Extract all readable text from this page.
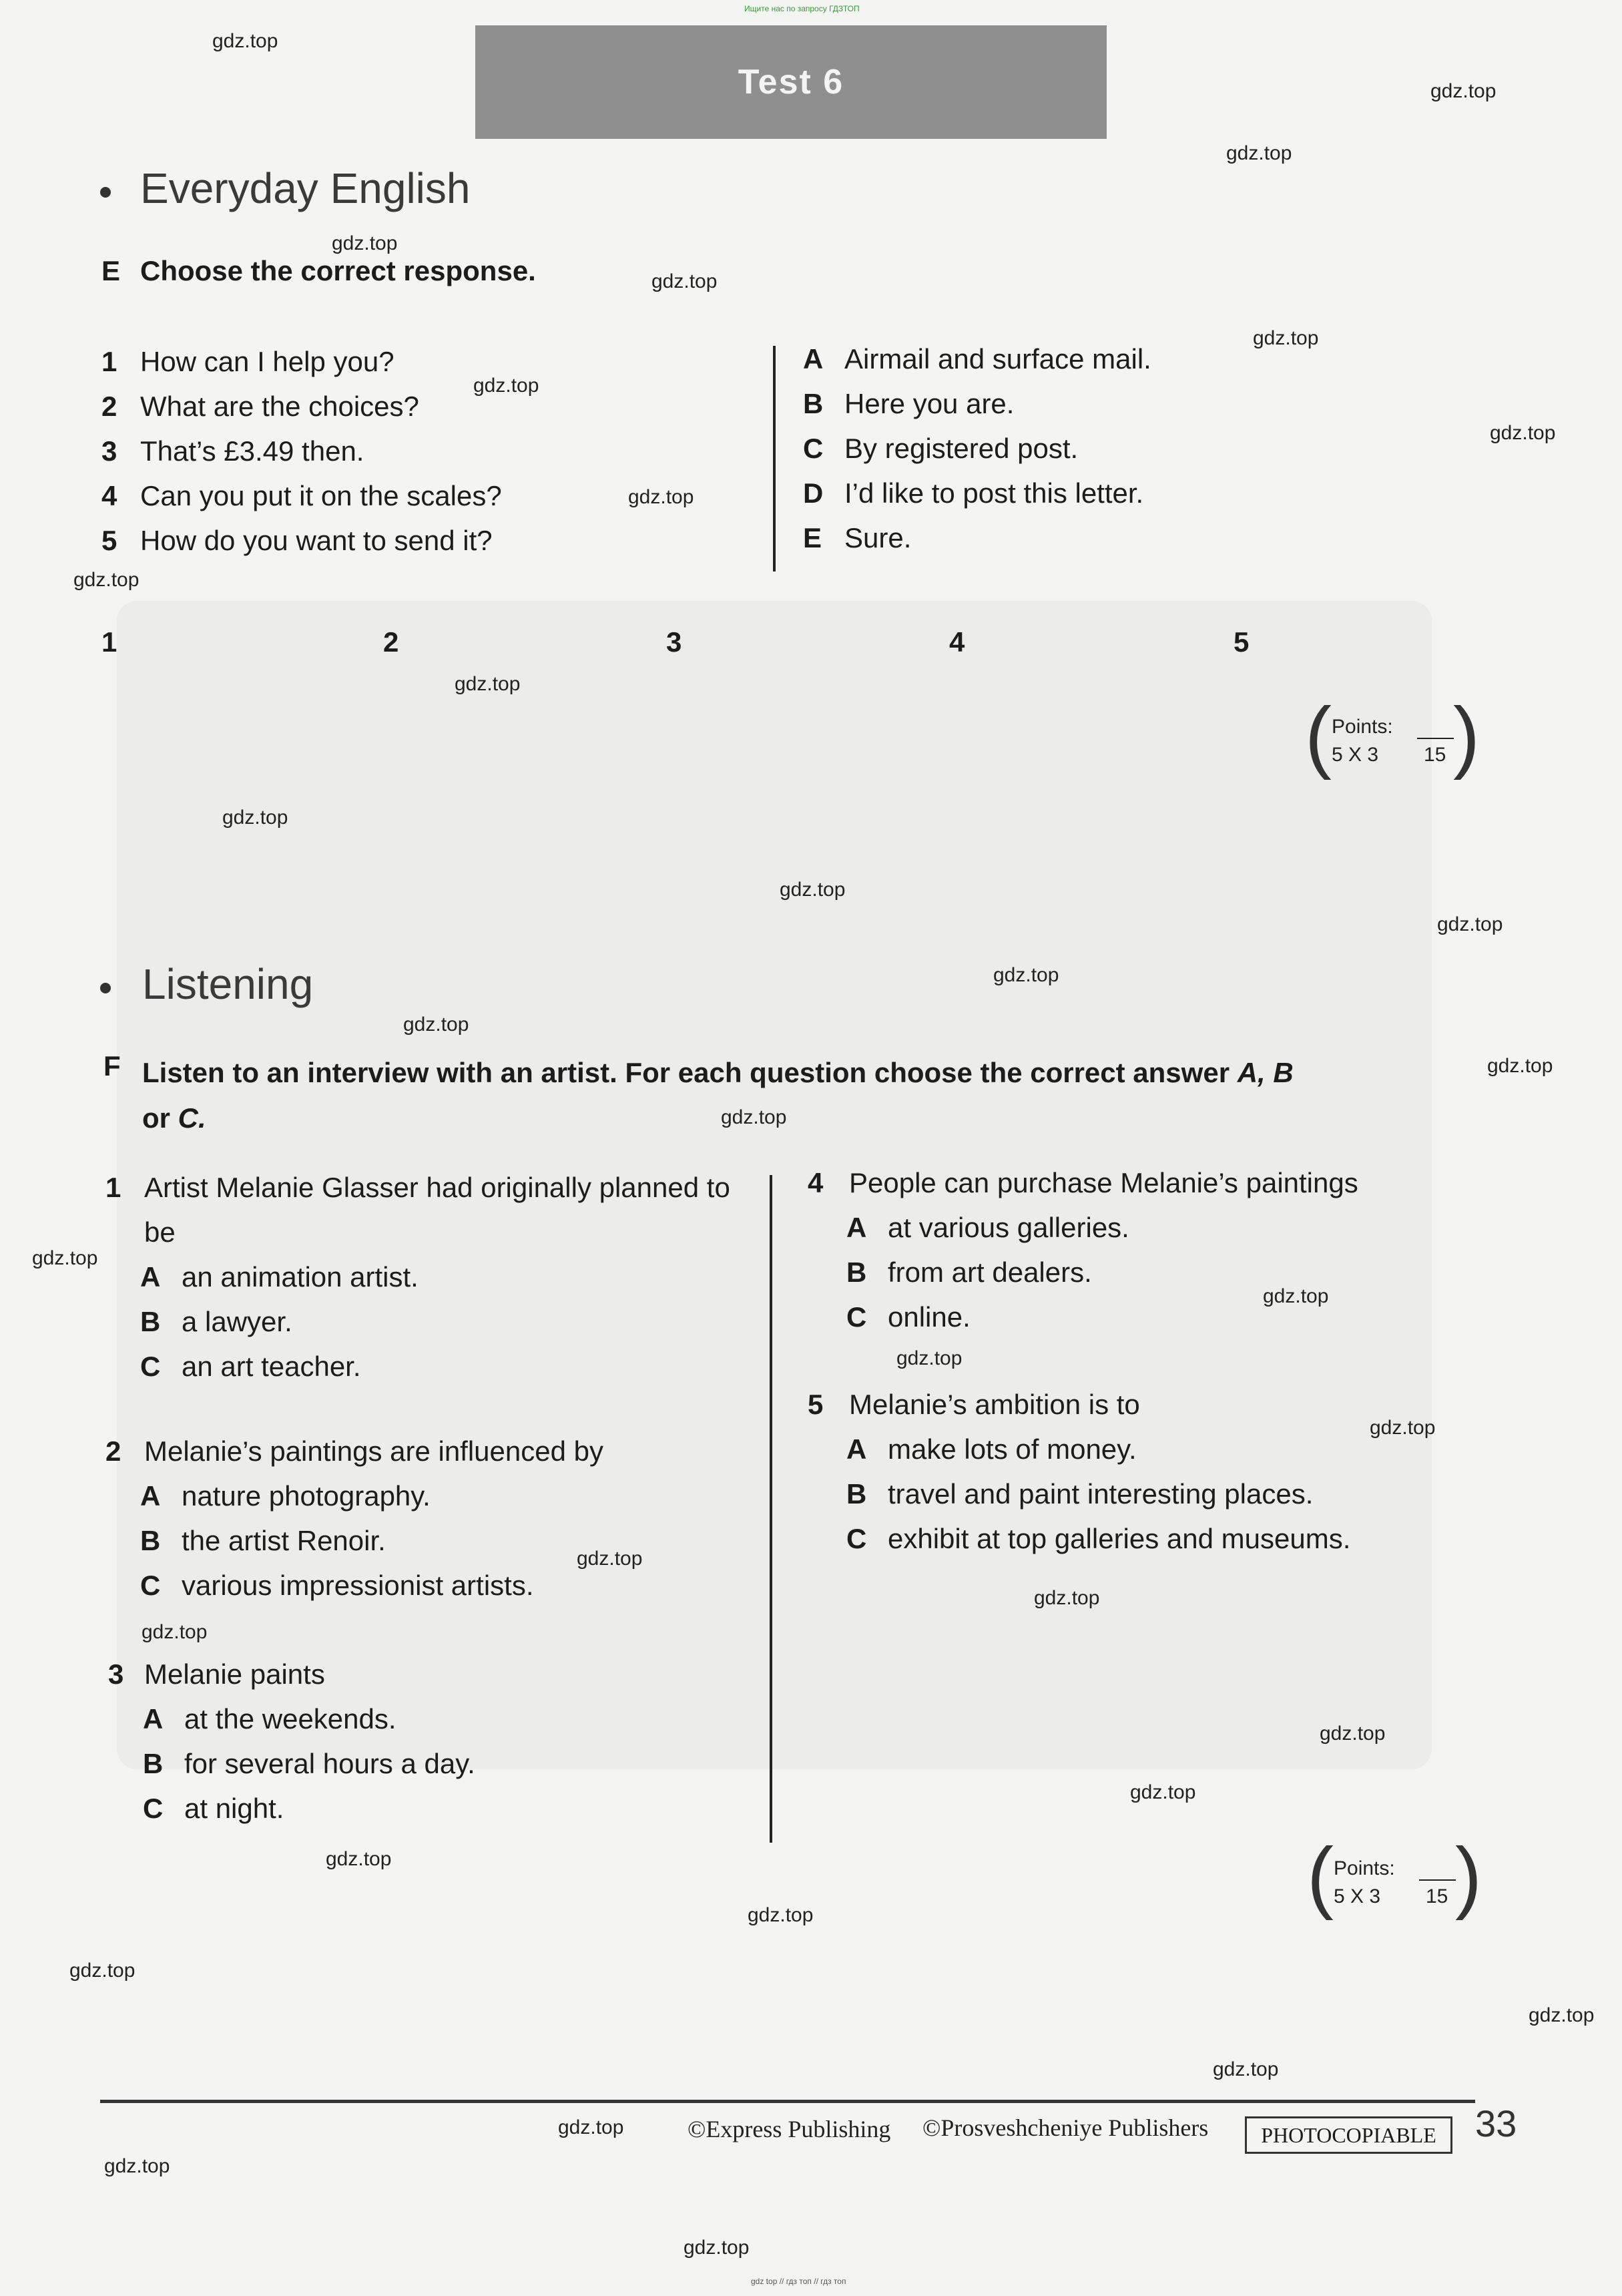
Ищите нас по запросу ГДЗТОП
Test 6
Everyday English
E Choose the correct response.
1 How can I help you?
2 What are the choices?
3 That’s £3.49 then.
4 Can you put it on the scales?
5 How do you want to send it?
A Airmail and surface mail.
B Here you are.
C By registered post.
D I’d like to post this letter.
E Sure.
1	2	3	4	5
( Points:
5 X 3 15 )
Listening
F Listen to an interview with an artist. For each question choose the correct answer A, B
or C.
1 Artist Melanie Glasser had originally planned to
be
A an animation artist.
B a lawyer.
C an art teacher.
2 Melanie’s paintings are influenced by
A nature photography.
B the artist Renoir.
C various impressionist artists.
3 Melanie paints
A at the weekends.
B for several hours a day.
C at night.
4 People can purchase Melanie’s paintings
A at various galleries.
B from art dealers.
C online.
5 Melanie’s ambition is to
A make lots of money.
B travel and paint interesting places.
C exhibit at top galleries and museums.
( Points:
5 X 3 15 )
©Express Publishing ©Prosveshcheniye Publishers	PHOTOCOPIABLE	33
gdz.top
gdz.top
gdz.top
gdz.top
gdz.top
gdz.top
gdz.top
gdz.top
gdz.top
gdz.top
gdz.top
gdz.top
gdz.top
gdz.top
gdz.top
gdz.top
gdz.top
gdz.top
gdz.top
gdz.top
gdz.top
gdz.top
gdz.top
gdz.top
gdz.top
gdz.top
gdz.top
gdz.top
gdz.top
gdz.top
gdz.top
gdz.top
gdz.top
gdz.top
gdz.top
gdz top // гдз топ // гдз топ
